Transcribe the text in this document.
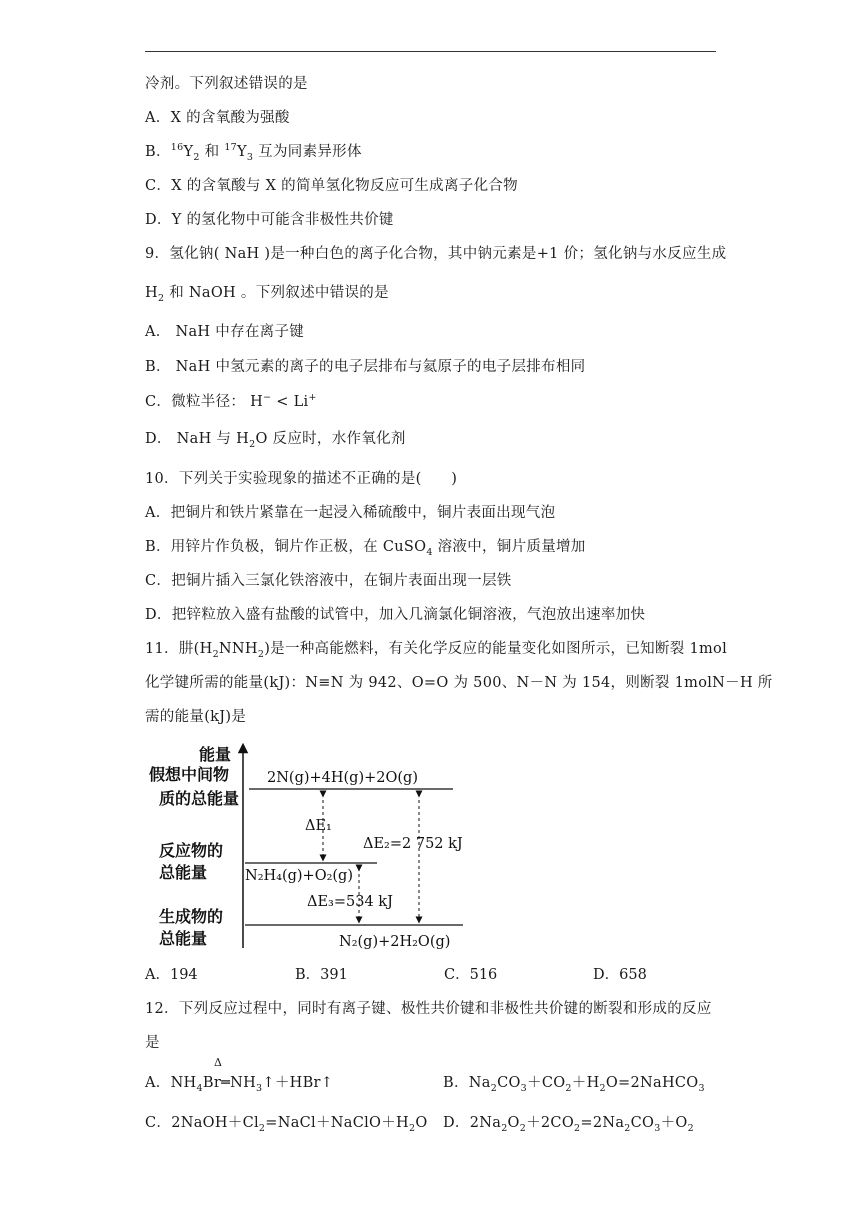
冷剂。下列叙述错误的是
A．X 的含氧酸为强酸
B．$^{16}Y_2$ 和 $^{17}Y_3$ 互为同素异形体
C．X 的含氧酸与 X 的简单氢化物反应可生成离子化合物
D．Y 的氢化物中可能含非极性共价键
9．氢化钠( NaH )是一种白色的离子化合物，其中钠元素是+1 价；氢化钠与水反应生成
$H_2$ 和 NaOH 。下列叙述中错误的是
A． NaH 中存在离子键
B． NaH 中氢元素的离子的电子层排布与氦原子的电子层排布相同
C．微粒半径： H− < Li+
D． NaH 与 $H_2O$ 反应时，水作氧化剂
10．下列关于实验现象的描述不正确的是(　　)
A．把铜片和铁片紧靠在一起浸入稀硫酸中，铜片表面出现气泡
B．用锌片作负极，铜片作正极，在 CuSO$_4$ 溶液中，铜片质量增加
C．把铜片插入三氯化铁溶液中，在铜片表面出现一层铁
D．把锌粒放入盛有盐酸的试管中，加入几滴氯化铜溶液，气泡放出速率加快
11．肼$(H_2NNH_2)$是一种高能燃料，有关化学反应的能量变化如图所示，已知断裂 1mol
化学键所需的能量(kJ)：N≡N 为 942、O=O 为 500、N－N 为 154，则断裂 1molN－H 所
需的能量(kJ)是
能量
假想中间物
质的总能量
反应物的
总能量
生成物的
总能量
2N(g)+4H(g)+2O(g)
N₂H₄(g)+O₂(g)
N₂(g)+2H₂O(g)
ΔE₁
ΔE₂=2 752 kJ
ΔE₃=534 kJ
A．194	B．391	C．516	D．658
12．下列反应过程中，同时有离子键、极性共价键和非极性共价键的断裂和形成的反应
是
Δ
A．$NH_4Br═NH_3↑+HBr↑$	B．$Na_2CO_3+CO_2+H_2O=2NaHCO_3$
C．$2NaOH+Cl_2=NaCl+NaClO+H_2O$ D．$2Na_2O_2+2CO_2=2Na_2CO_3+O_2$
